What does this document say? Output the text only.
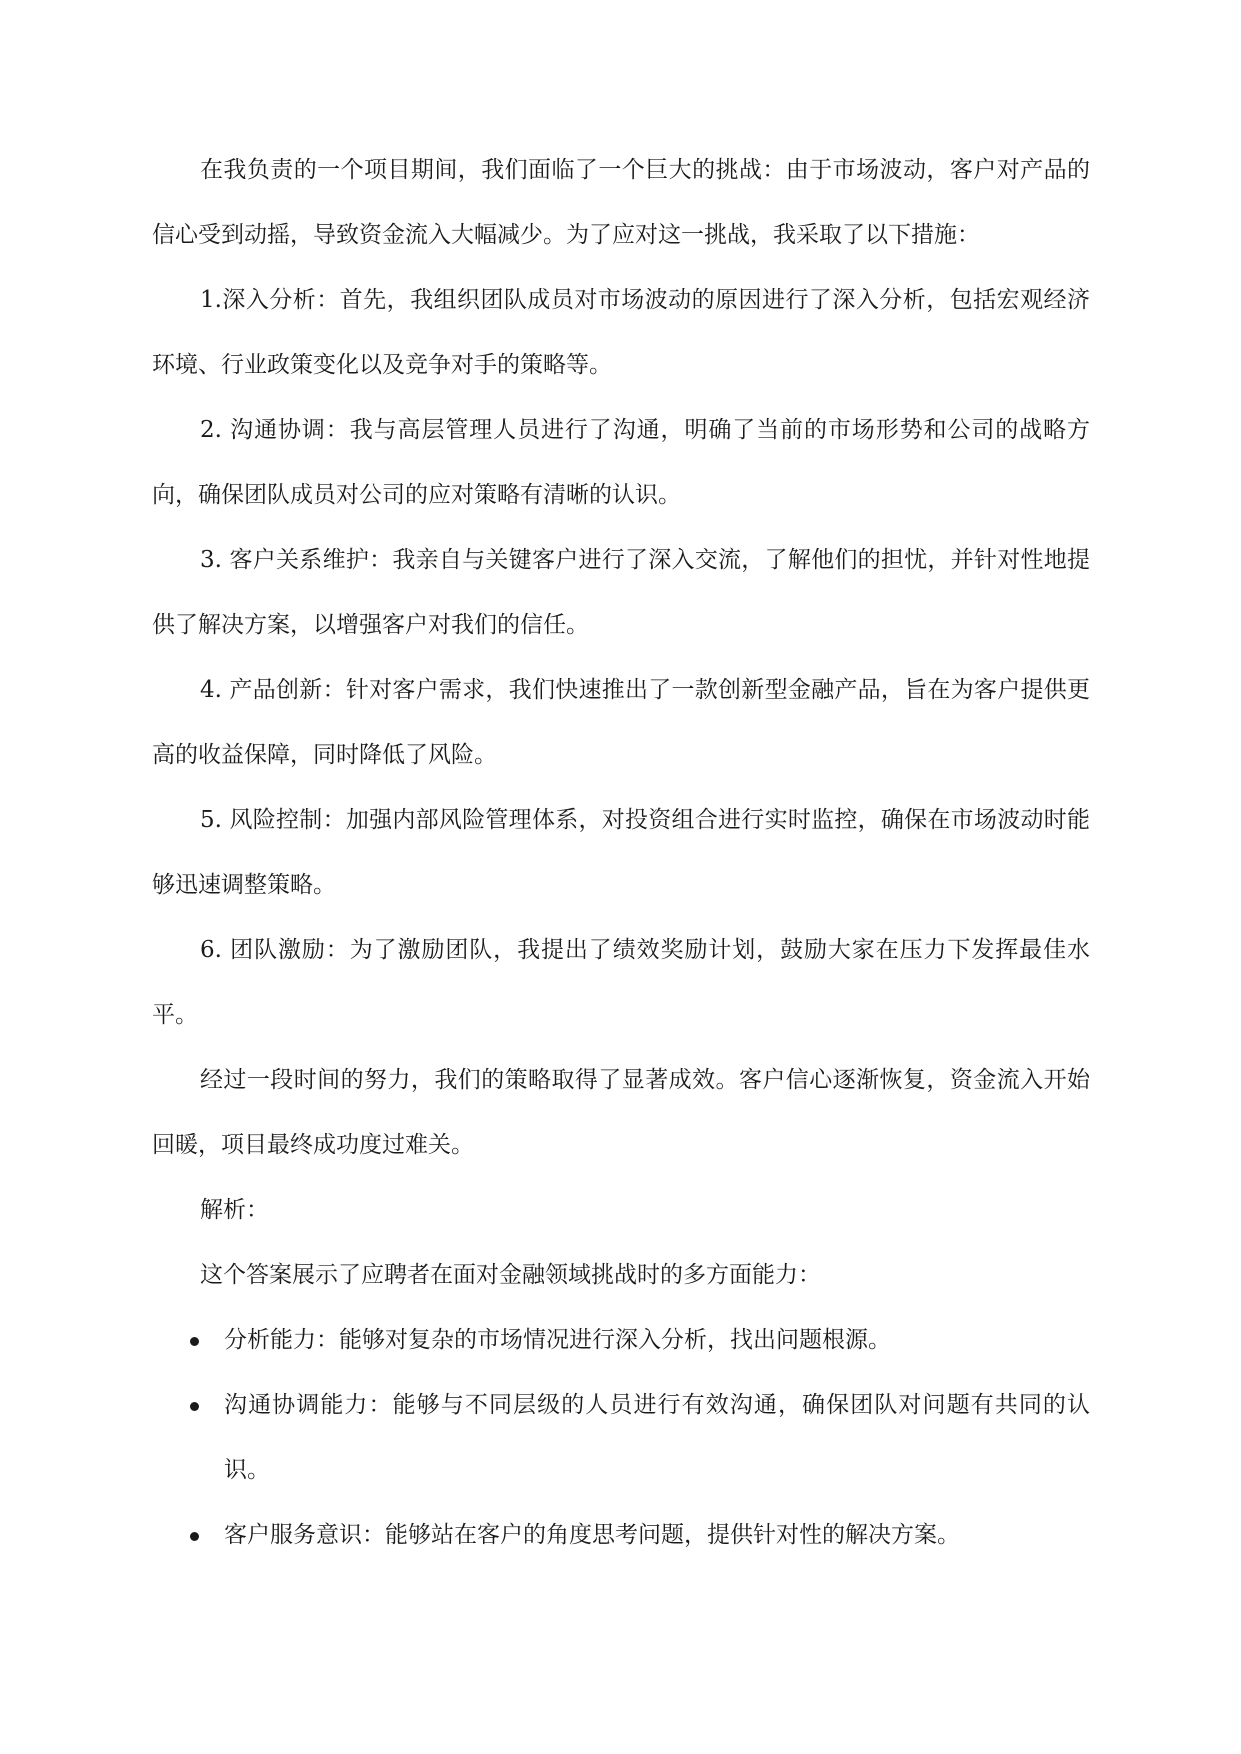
在我负责的一个项目期间，我们面临了一个巨大的挑战：由于市场波动，客户对产品的信心受到动摇，导致资金流入大幅减少。为了应对这一挑战，我采取了以下措施：

1.深入分析：首先，我组织团队成员对市场波动的原因进行了深入分析，包括宏观经济环境、行业政策变化以及竞争对手的策略等。

2. 沟通协调：我与高层管理人员进行了沟通，明确了当前的市场形势和公司的战略方向，确保团队成员对公司的应对策略有清晰的认识。

3. 客户关系维护：我亲自与关键客户进行了深入交流，了解他们的担忧，并针对性地提供了解决方案，以增强客户对我们的信任。

4. 产品创新：针对客户需求，我们快速推出了一款创新型金融产品，旨在为客户提供更高的收益保障，同时降低了风险。

5. 风险控制：加强内部风险管理体系，对投资组合进行实时监控，确保在市场波动时能够迅速调整策略。

6. 团队激励：为了激励团队，我提出了绩效奖励计划，鼓励大家在压力下发挥最佳水平。

经过一段时间的努力，我们的策略取得了显著成效。客户信心逐渐恢复，资金流入开始回暖，项目最终成功度过难关。

解析：

这个答案展示了应聘者在面对金融领域挑战时的多方面能力：

分析能力：能够对复杂的市场情况进行深入分析，找出问题根源。
沟通协调能力：能够与不同层级的人员进行有效沟通，确保团队对问题有共同的认识。
客户服务意识：能够站在客户的角度思考问题，提供针对性的解决方案。
